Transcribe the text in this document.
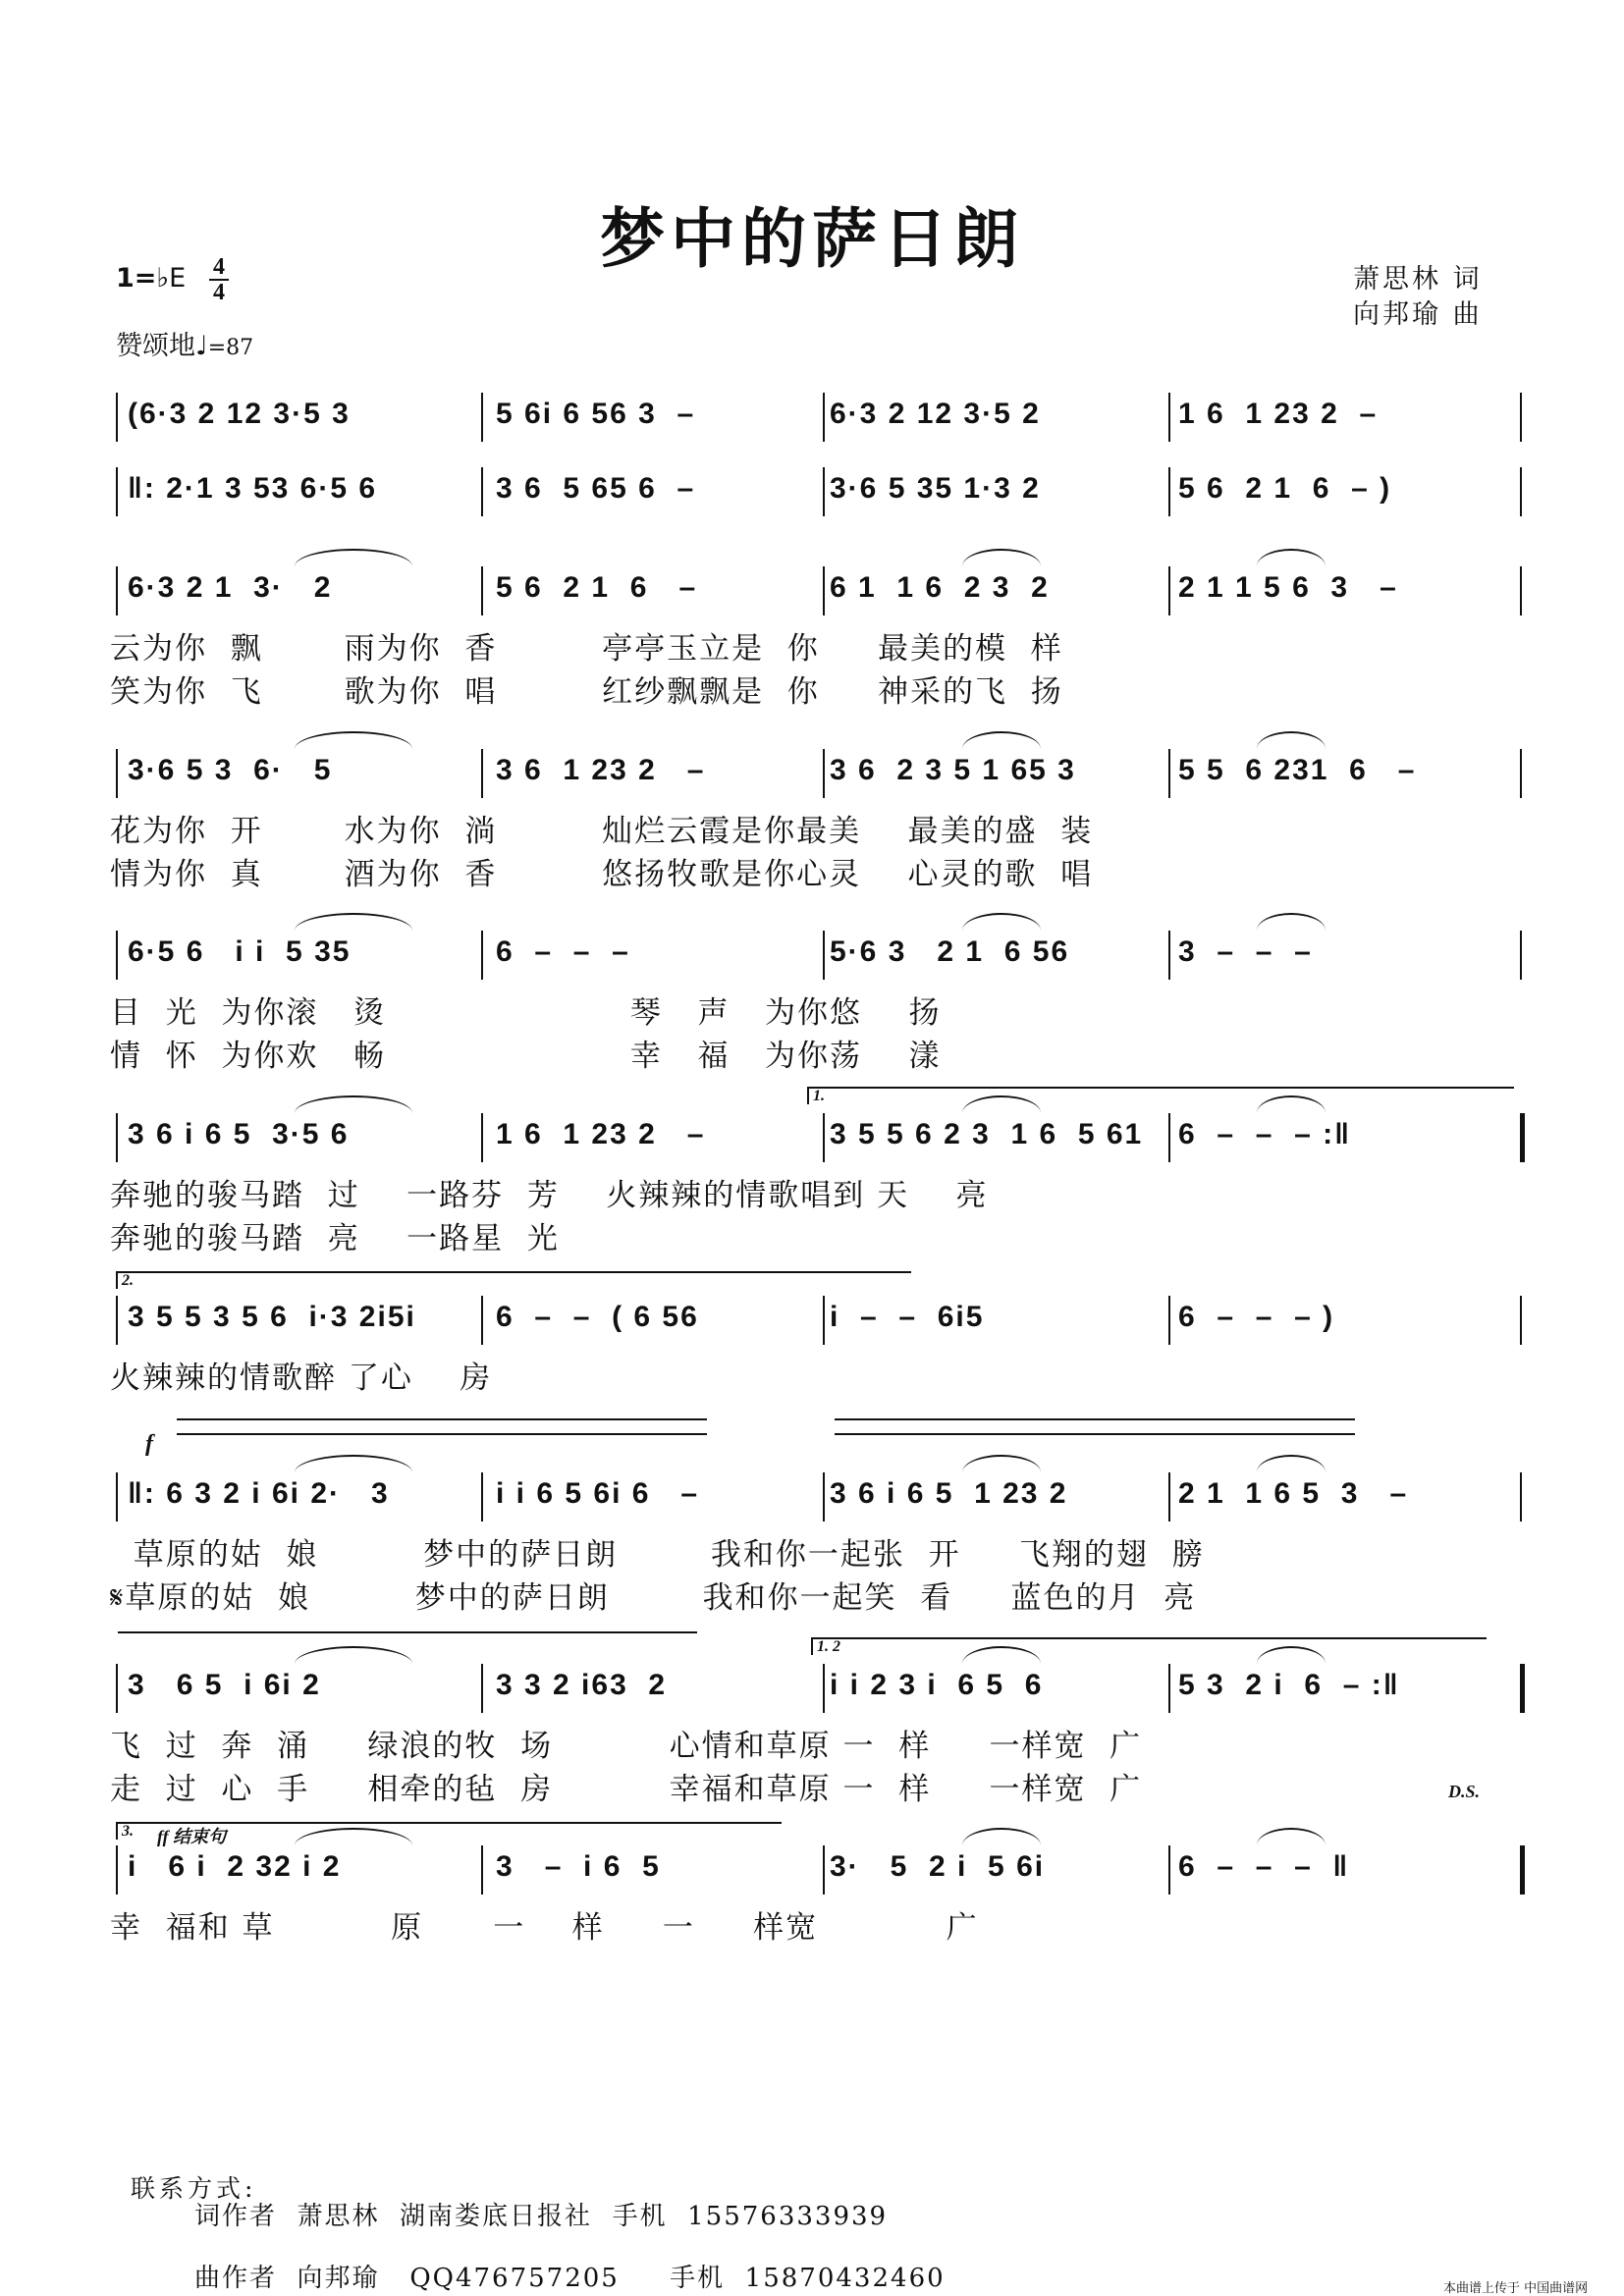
梦中的萨日朗
1=♭E 4
4
赞颂地♩=87
萧思林 词
向邦瑜 曲
(6·3 2 12 3·5 3	5 6i 6 56 3  –	6·3 2 12 3·5 2	1 6  1 23 2  –
‖: 2·1 3 53 6·5 6	3 6  5 65 6  –	3·6 5 35 1·3 2	5 6  2 1  6  – )
6·3 2 1  3·   2	5 6  2 1  6   –	6 1  1 6  2 3  2	2 1 1 5 6  3   –
云为你  飘       雨为你  香         亭亭玉立是  你     最美的模  样
笑为你  飞       歌为你  唱         红纱飘飘是  你     神采的飞  扬
3·6 5 3  6·   5	3 6  1 23 2   –	3 6  2 3 5 1 65 3	5 5  6 231  6   –
花为你  开       水为你  淌         灿烂云霞是你最美    最美的盛  装
情为你  真       酒为你  香         悠扬牧歌是你心灵    心灵的歌  唱
6·5 6   i i  5 35	6  –  –  –	5·6 3   2 1  6 56	3  –  –  –
目  光  为你滚   烫                     琴   声   为你悠    扬
情  怀  为你欢   畅                     幸   福   为你荡    漾
3 6 i 6 5  3·5 6	1 6  1 23 2   –	3 5 5 6 2 3  1 6  5 61 6  –  –  – :‖
奔驰的骏马踏  过    一路芬  芳    火辣辣的情歌唱到 天    亮
奔驰的骏马踏  亮    一路星  光
3 5 5 3 5 6  i·3 2i5i	6  –  –  ( 6 56	i  –  –  6i5	6  –  –  – )
火辣辣的情歌醉 了心    房
‖: 6 3 2 i 6i 2·   3	i i 6 5 6i 6   –	3 6 i 6 5  1 23 2	2 1  1 6 5  3   –
草原的姑  娘         梦中的萨日朗        我和你一起张  开     飞翔的翅  膀
𝄋草原的姑  娘         梦中的萨日朗        我和你一起笑  看     蓝色的月  亮
3   6 5  i 6i 2	3 3 2 i63  2	i i 2 3 i  6 5  6	5 3  2 i  6  – :‖
飞  过  奔  涌     绿浪的牧  场          心情和草原 一  样     一样宽  广
走  过  心  手     相牵的毡  房          幸福和草原 一  样     一样宽  广
i   6 i  2 32 i 2	3   –  i 6  5	3·   5  2 i  5 6i	6  –  –  –  ‖
幸  福和 草          原      一    样     一     样宽           广
1.
2.
1. 2
3. ff 结束句
f
D.S.
联系方式:
词作者  萧思林  湖南娄底日报社  手机  15576333939
曲作者  向邦瑜   QQ476757205     手机  15870432460	本曲谱上传于 中国曲谱网
